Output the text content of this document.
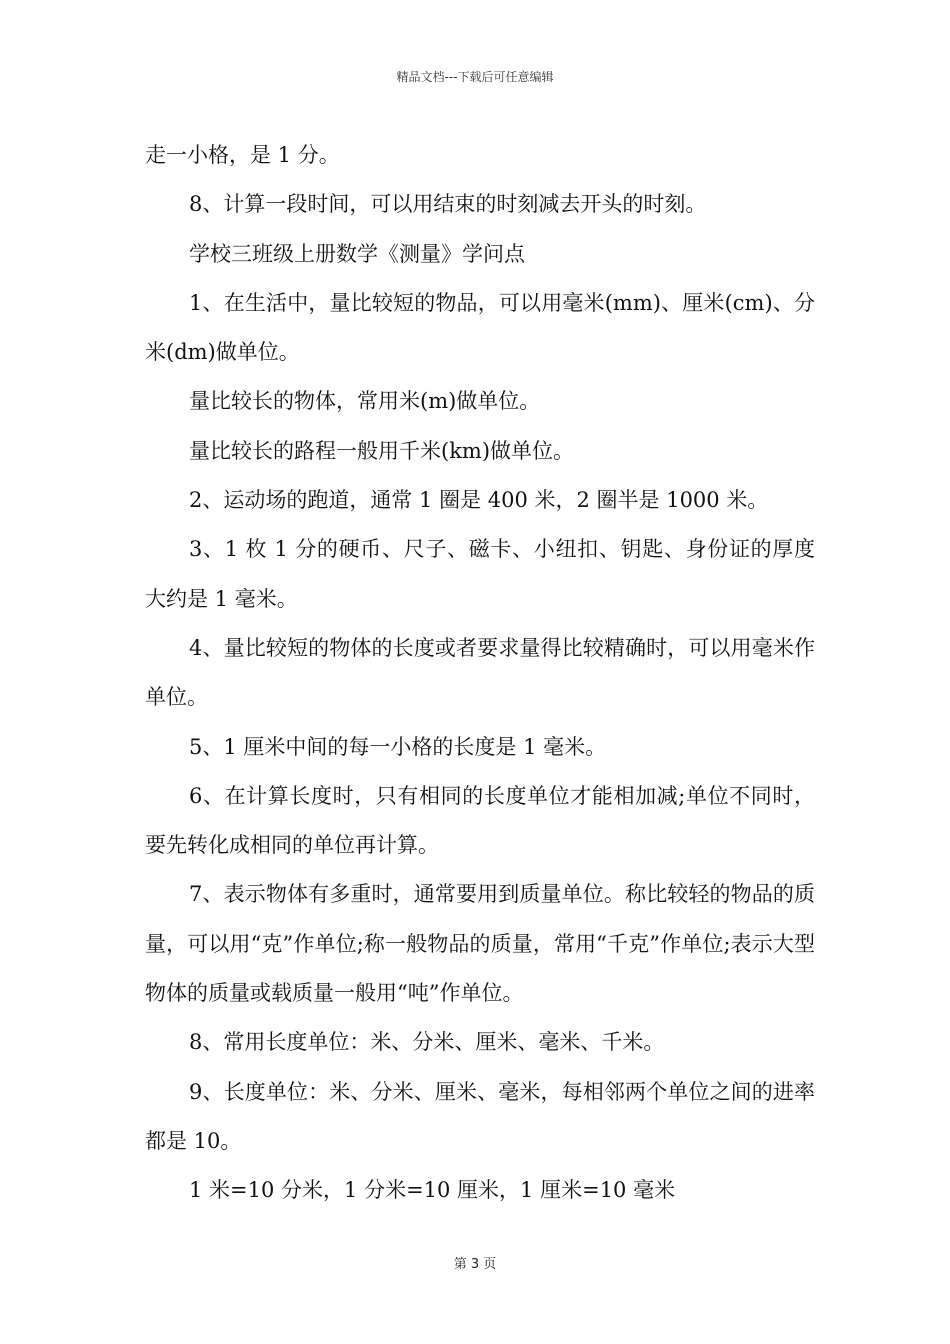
精品文档---下载后可任意编辑

走一小格，是 1 分。

8、计算一段时间，可以用结束的时刻减去开头的时刻。

学校三班级上册数学《测量》学问点

1、在生活中，量比较短的物品，可以用毫米(mm)、厘米(cm)、分米(dm)做单位。

量比较长的物体，常用米(m)做单位。

量比较长的路程一般用千米(km)做单位。

2、运动场的跑道，通常 1 圈是 400 米，2 圈半是 1000 米。

3、1 枚 1 分的硬币、尺子、磁卡、小纽扣、钥匙、身份证的厚度大约是 1 毫米。

4、量比较短的物体的长度或者要求量得比较精确时，可以用毫米作单位。

5、1 厘米中间的每一小格的长度是 1 毫米。

6、在计算长度时，只有相同的长度单位才能相加减;单位不同时，要先转化成相同的单位再计算。

7、表示物体有多重时，通常要用到质量单位。称比较轻的物品的质量，可以用“克”作单位;称一般物品的质量，常用“千克”作单位;表示大型物体的质量或载质量一般用“吨”作单位。

8、常用长度单位：米、分米、厘米、毫米、千米。

9、长度单位：米、分米、厘米、毫米，每相邻两个单位之间的进率都是 10。

1 米=10 分米，1 分米=10 厘米，1 厘米=10 毫米

第 3 页
